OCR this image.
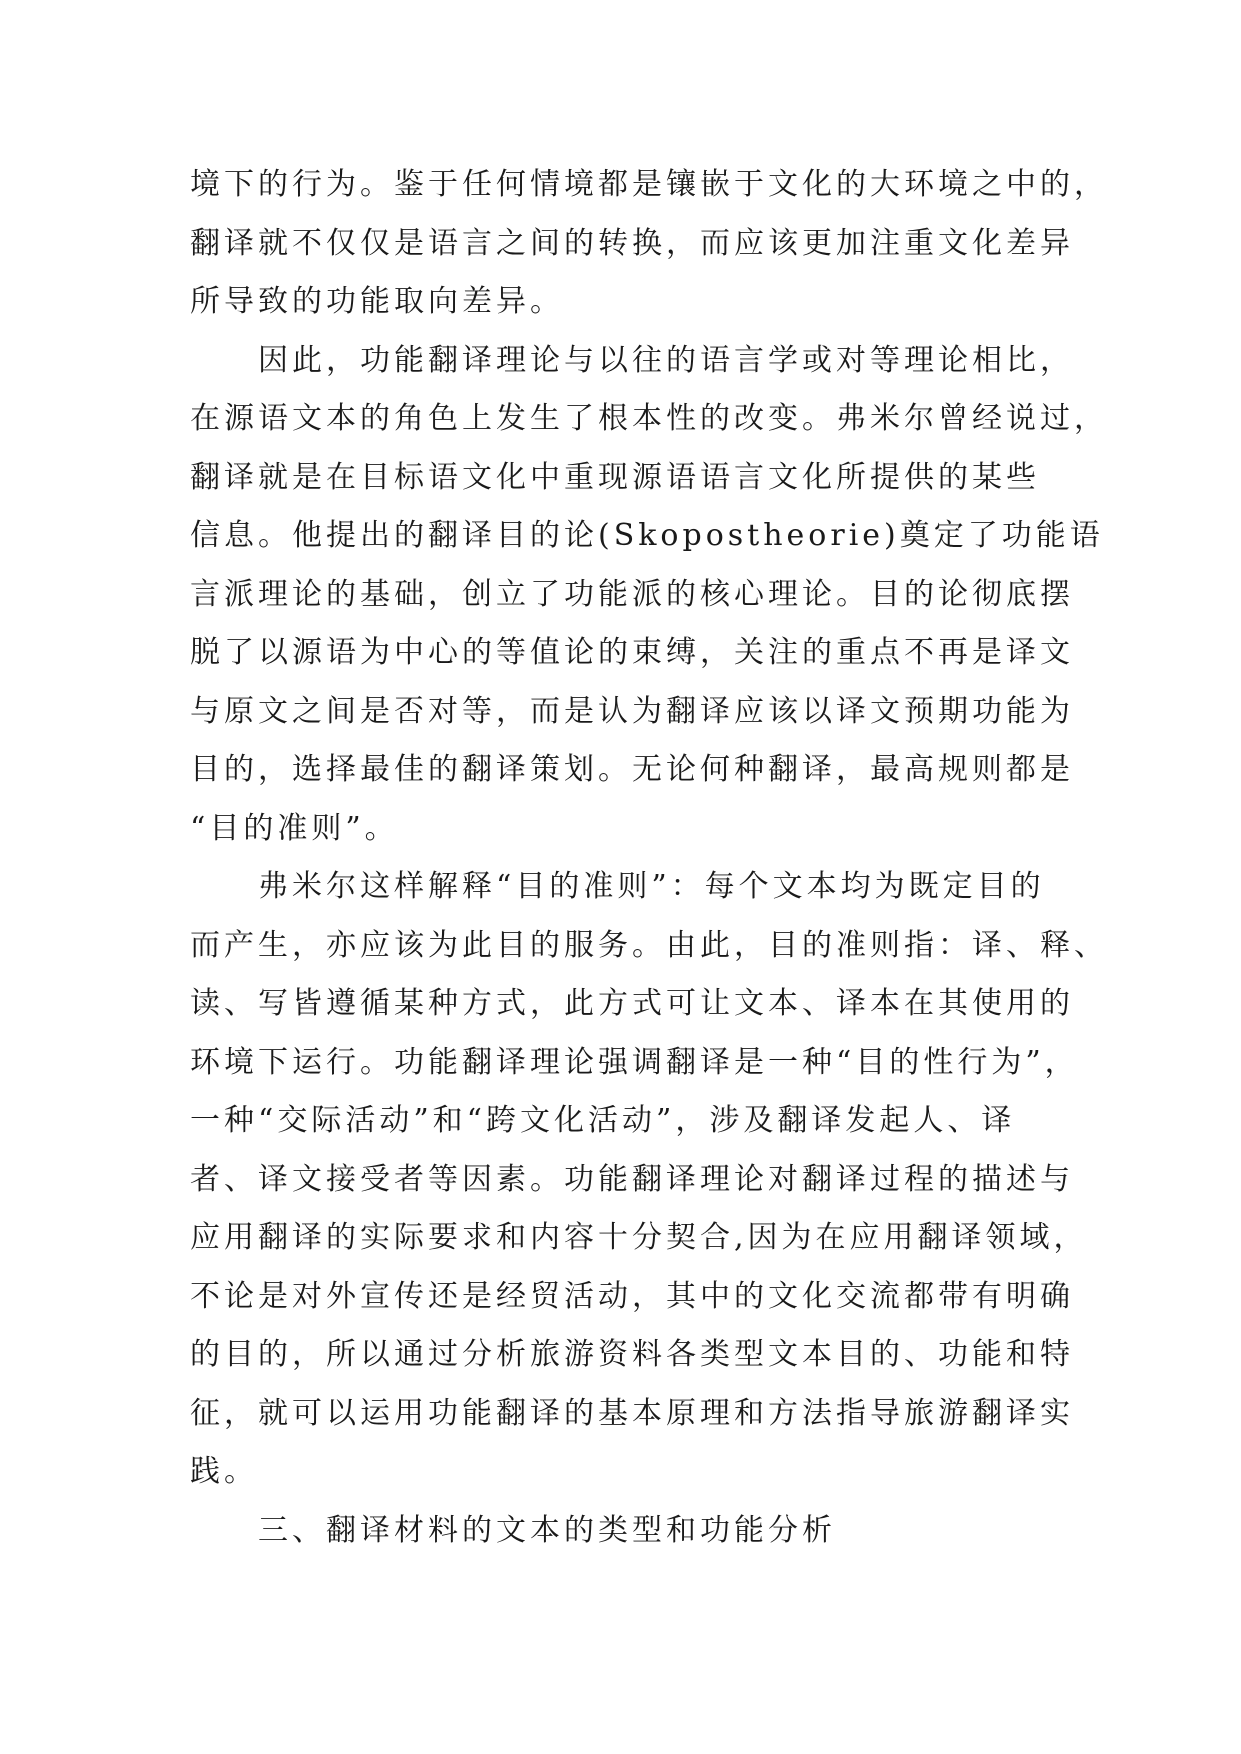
境下的行为。鉴于任何情境都是镶嵌于文化的大环境之中的，
翻译就不仅仅是语言之间的转换，而应该更加注重文化差异
所导致的功能取向差异。
因此，功能翻译理论与以往的语言学或对等理论相比，
在源语文本的角色上发生了根本性的改变。弗米尔曾经说过，
翻译就是在目标语文化中重现源语语言文化所提供的某些
信息。他提出的翻译目的论(Skopostheorie)奠定了功能语
言派理论的基础，创立了功能派的核心理论。目的论彻底摆
脱了以源语为中心的等值论的束缚，关注的重点不再是译文
与原文之间是否对等，而是认为翻译应该以译文预期功能为
目的，选择最佳的翻译策划。无论何种翻译，最高规则都是
“目的准则”。
弗米尔这样解释“目的准则”：每个文本均为既定目的
而产生，亦应该为此目的服务。由此，目的准则指：译、释、
读、写皆遵循某种方式，此方式可让文本、译本在其使用的
环境下运行。功能翻译理论强调翻译是一种“目的性行为”，
一种“交际活动”和“跨文化活动”，涉及翻译发起人、译
者、译文接受者等因素。功能翻译理论对翻译过程的描述与
应用翻译的实际要求和内容十分契合,因为在应用翻译领域，
不论是对外宣传还是经贸活动，其中的文化交流都带有明确
的目的，所以通过分析旅游资料各类型文本目的、功能和特
征，就可以运用功能翻译的基本原理和方法指导旅游翻译实
践。
三、翻译材料的文本的类型和功能分析
